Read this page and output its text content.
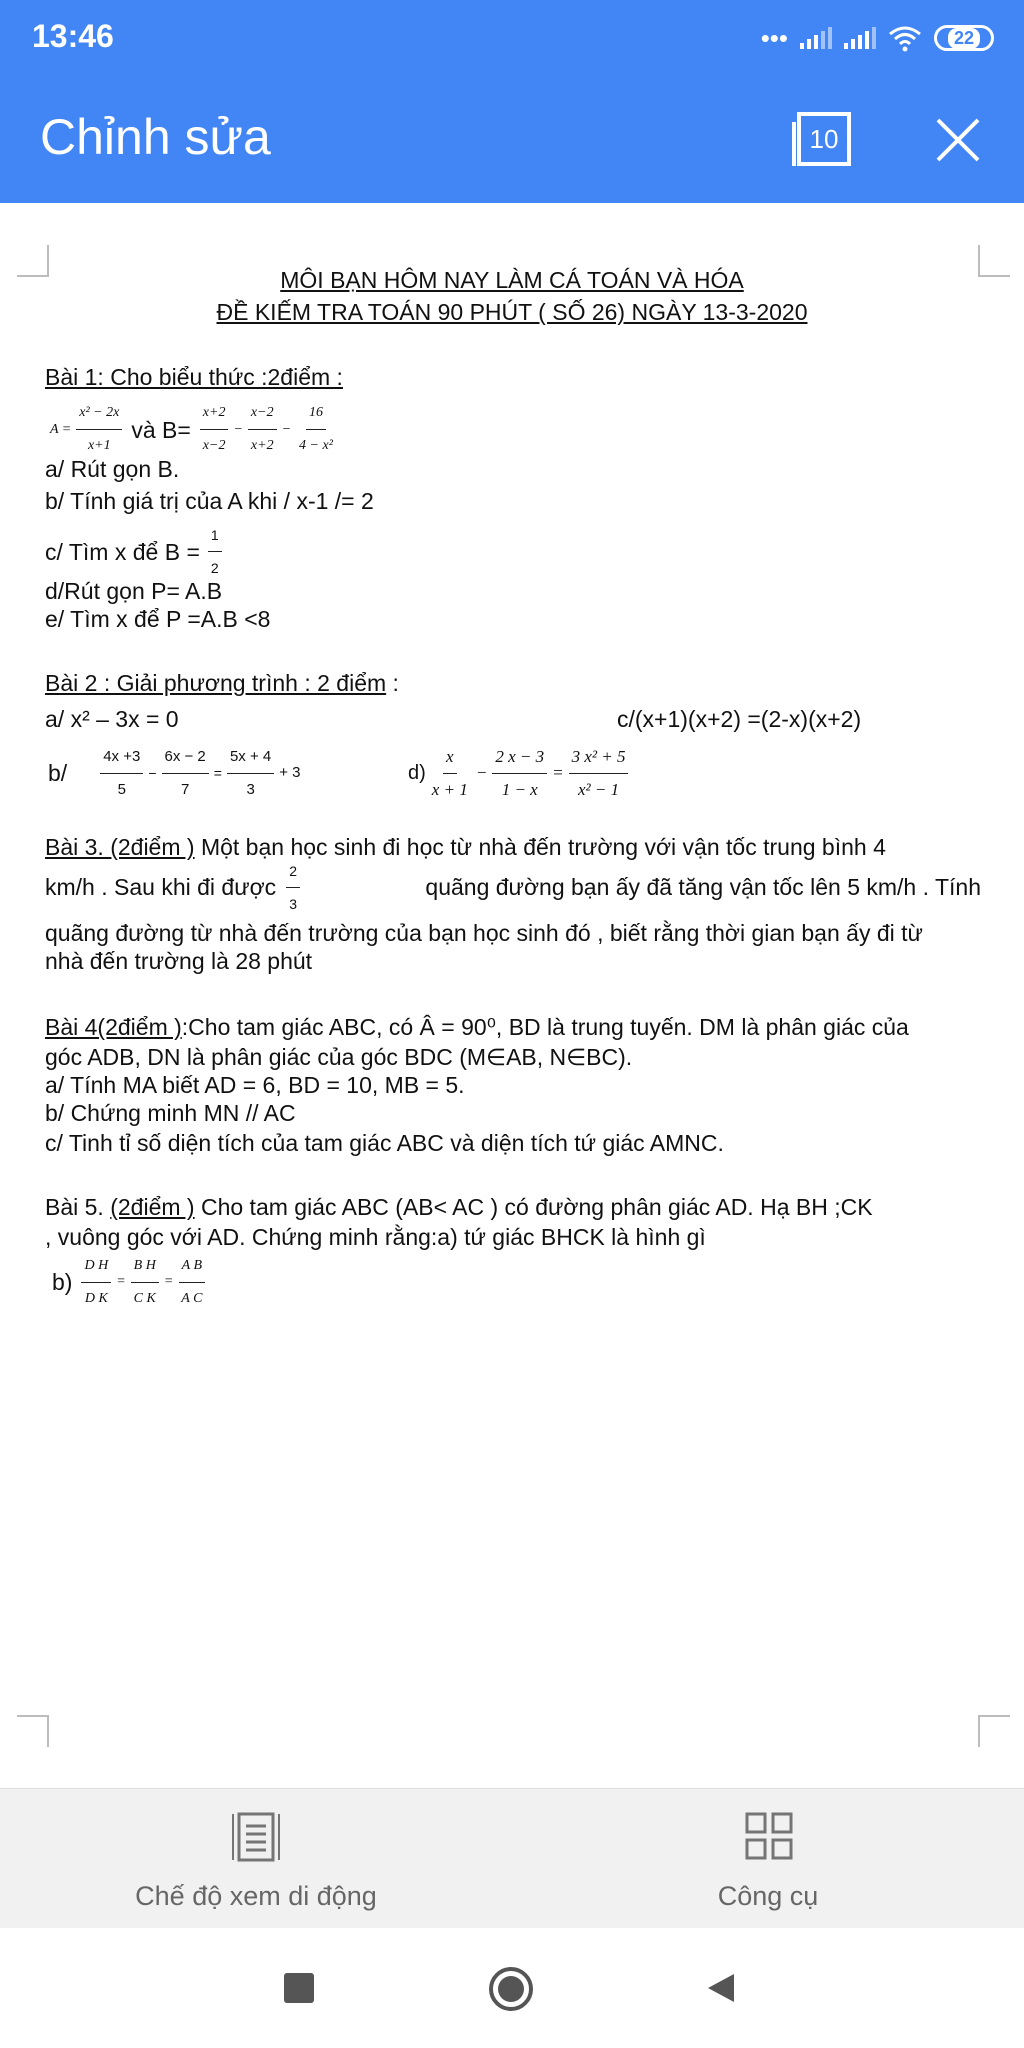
13:46	•••	22
Chỉnh sửa	10
MÔI BẠN HÔM NAY LÀM CÁ TOÁN VÀ HÓA
ĐỀ KIẾM TRA TOÁN 90 PHÚT ( SỐ 26) NGÀY 13-3-2020
Bài 1: Cho biểu thức :2điểm :
$A = \frac{\text{x² − 2x}}{x+1}$ và $B= \frac{x+2}{x-2} - \frac{x-2}{x+2} - \frac{16}{\text{4 − x²}}$
a/ Rút gọn B.
b/ Tính giá trị của A khi / x-1 /= 2
c/ Tìm x để $B = \frac{1}{2}$
d/Rút gọn P= A.B
e/ Tìm x để P =A.B <8
Bài 2 : Giải phương trình : 2 điểm :
a/ x² – 3x = 0	c/(x+1)(x+2) =(2-x)(x+2)
$b/ \frac{4x +3}{5} - \frac{6x - 2}{7} = \frac{5x + 4}{3} + 3$	$d) \frac{x}{x + 1} - \frac{2 x - 3}{1 - x} = \frac{\text{3 x² + 5}}{\text{x² − 1}}$
Bài 3. (2điểm ) Một bạn học sinh đi học từ nhà đến trường với vận tốc trung bình 4
km/h . Sau khi đi được $\frac{2}{3}$	quãng đường bạn ấy đã tăng vận tốc lên 5 km/h . Tính
quãng đường từ nhà đến trường của bạn học sinh đó , biết rằng thời gian bạn ấy đi từ
nhà đến trường là 28 phút
Bài 4(2điểm ):Cho tam giác ABC, có Â = 90⁰, BD là trung tuyến. DM là phân giác của
góc ADB, DN là phân giác của góc BDC (M∈AB, N∈BC).
a/ Tính MA biết AD = 6, BD = 10, MB = 5.
b/ Chứng minh MN // AC
c/ Tinh tỉ số diện tích của tam giác ABC và diện tích tứ giác AMNC.
Bài 5. (2điểm ) Cho tam giác ABC (AB< AC ) có đường phân giác AD. Hạ BH ;CK
, vuông góc với AD. Chứng minh rằng:a) tứ giác BHCK là hình gì
$b) \frac{\text{D H}}{\text{D K}} = \frac{\text{B H}}{\text{C K}} = \frac{\text{A B}}{\text{A C}}$
Chế độ xem di động	Công cụ
